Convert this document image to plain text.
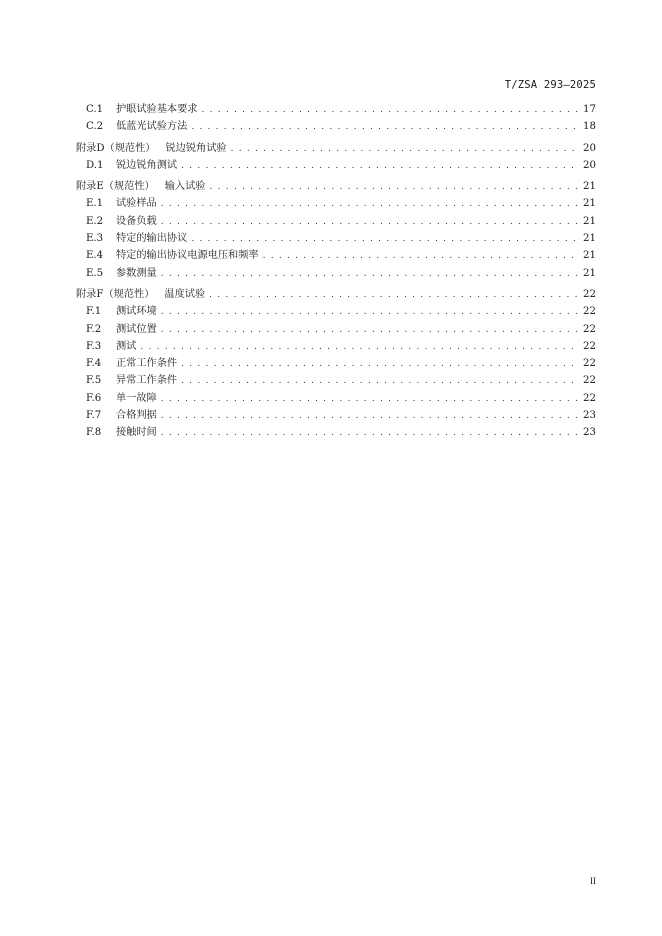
T/ZSA 293—2025
C.1	护眼试验基本要求 . . .	17
C.2	低蓝光试验方法 . . .	18
附录D（规范性） 锐边锐角试验 . . .	20
D.1	锐边锐角测试 . . .	20
附录E（规范性） 输入试验 . . .	21
E.1	试验样品 . . .	21
E.2	设备负载 . . .	21
E.3	特定的输出协议 . . .	21
E.4	特定的输出协议电源电压和频率 . . .	21
E.5	参数测量 . . .	21
附录F（规范性） 温度试验 . . .	22
F.1	测试环境 . . .	22
F.2	测试位置 . . .	22
F.3	测试 . . .	22
F.4	正常工作条件 . . .	22
F.5	异常工作条件 . . .	22
F.6	单一故障 . . .	22
F.7	合格判据 . . .	23
F.8	接触时间 . . .	23
II
